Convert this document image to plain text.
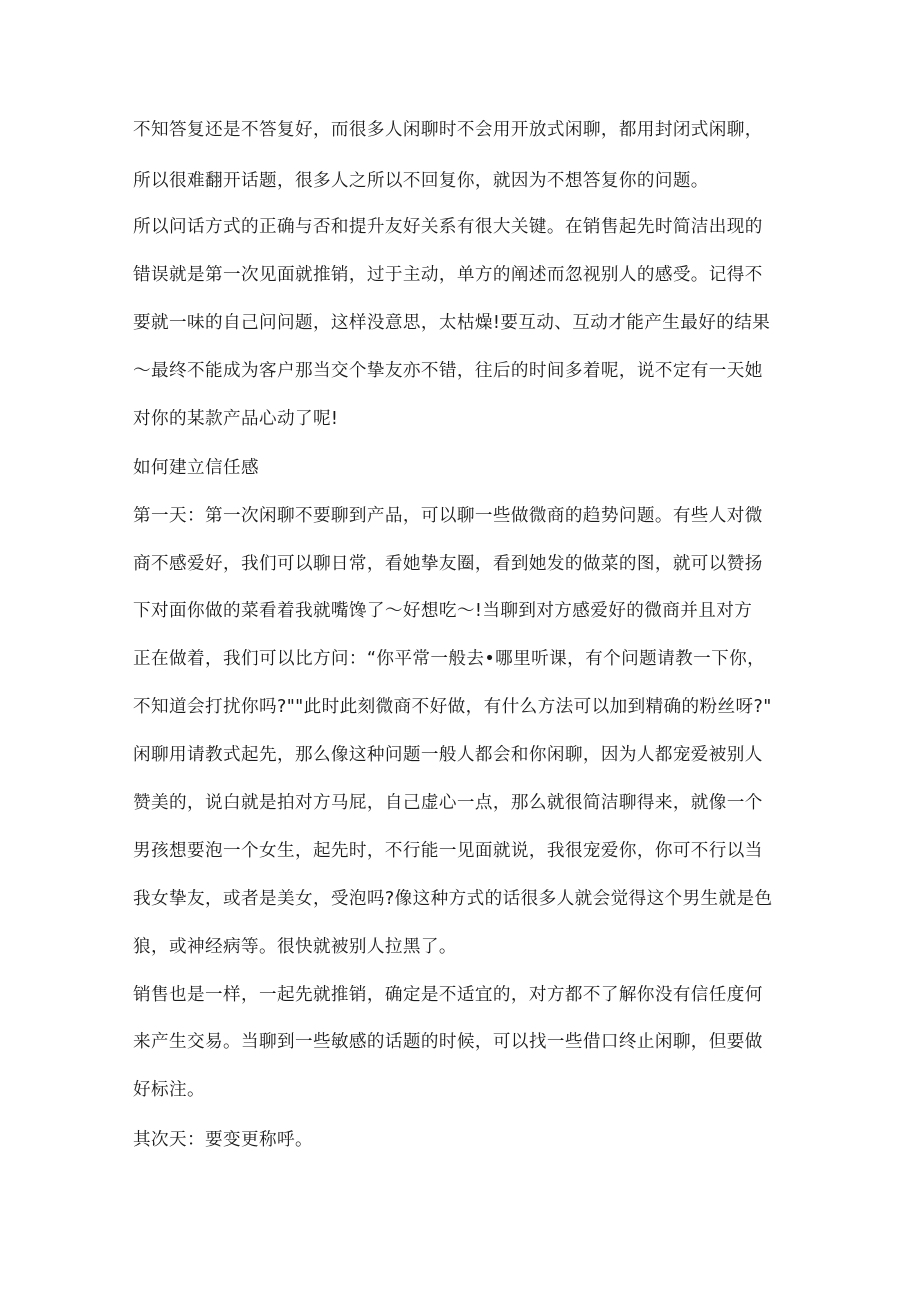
不知答复还是不答复好，而很多人闲聊时不会用开放式闲聊，都用封闭式闲聊，
所以很难翻开话题，很多人之所以不回复你，就因为不想答复你的问题。
所以问话方式的正确与否和提升友好关系有很大关键。在销售起先时简洁出现的
错误就是第一次见面就推销，过于主动，单方的阐述而忽视别人的感受。记得不
要就一味的自己问问题，这样没意思，太枯燥!要互动、互动才能产生最好的结果
～最终不能成为客户那当交个挚友亦不错，往后的时间多着呢，说不定有一天她
对你的某款产品心动了呢!
如何建立信任感
第一天：第一次闲聊不要聊到产品，可以聊一些做微商的趋势问题。有些人对微
商不感爱好，我们可以聊日常，看她挚友圈，看到她发的做菜的图，就可以赞扬
下对面你做的菜看着我就嘴馋了～好想吃～!当聊到对方感爱好的微商并且对方
正在做着，我们可以比方问：“你平常一般去•哪里听课，有个问题请教一下你，
不知道会打扰你吗?""此时此刻微商不好做，有什么方法可以加到精确的粉丝呀?"
闲聊用请教式起先，那么像这种问题一般人都会和你闲聊，因为人都宠爱被别人
赞美的，说白就是拍对方马屁，自己虚心一点，那么就很简洁聊得来，就像一个
男孩想要泡一个女生，起先时，不行能一见面就说，我很宠爱你，你可不行以当
我女挚友，或者是美女，受泡吗?像这种方式的话很多人就会觉得这个男生就是色
狼，或神经病等。很快就被别人拉黑了。
销售也是一样，一起先就推销，确定是不适宜的，对方都不了解你没有信任度何
来产生交易。当聊到一些敏感的话题的时候，可以找一些借口终止闲聊，但要做
好标注。
其次天：要变更称呼。
